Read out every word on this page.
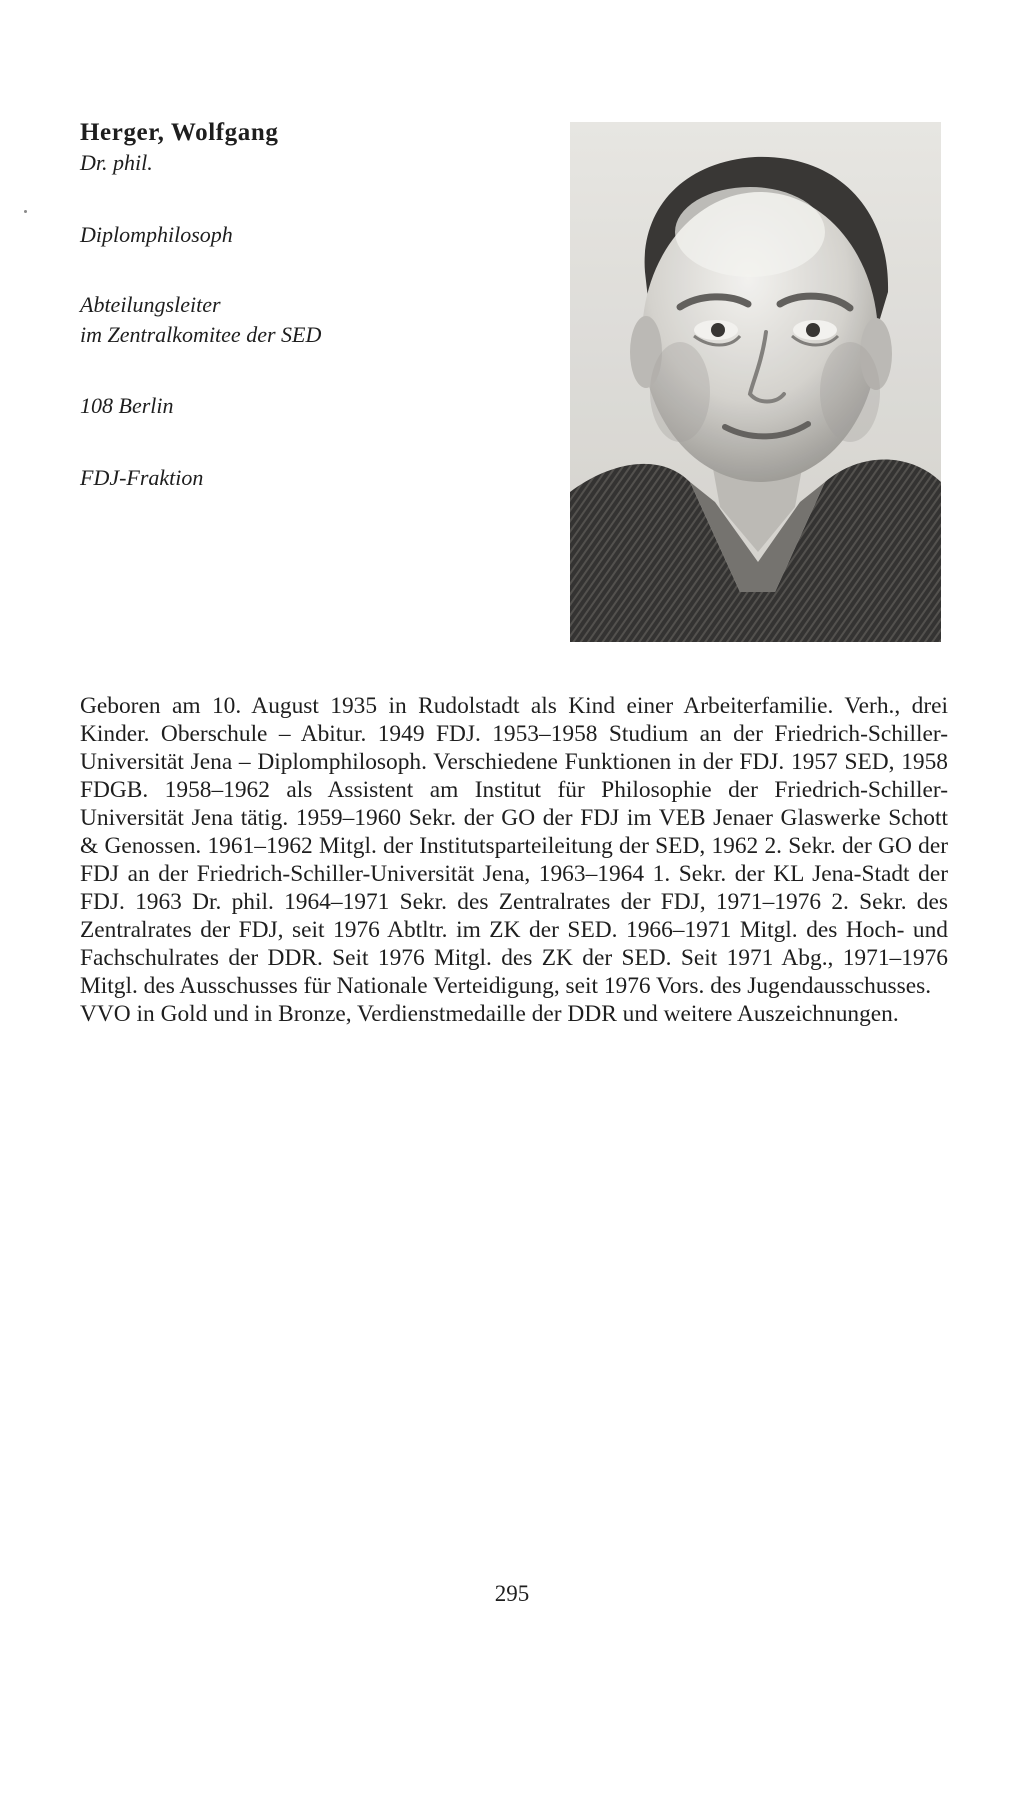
Herger, Wolfgang

Dr. phil.

Diplomphilosoph

Abteilungsleiter

im Zentralkomitee der SED

108 Berlin

FDJ-Fraktion

Geboren am 10. August 1935 in Rudolstadt als Kind einer Arbeiterfamilie. Verh., drei Kinder. Oberschule – Abitur. 1949 FDJ. 1953–1958 Studium an der Friedrich-Schiller-Universität Jena – Diplomphilosoph. Verschiedene Funktionen in der FDJ. 1957 SED, 1958 FDGB. 1958–1962 als Assistent am Institut für Philosophie der Friedrich-Schiller-Universität Jena tätig. 1959–1960 Sekr. der GO der FDJ im VEB Jenaer Glaswerke Schott & Genossen. 1961–1962 Mitgl. der Institutsparteileitung der SED, 1962 2. Sekr. der GO der FDJ an der Friedrich-Schiller-Universität Jena, 1963–1964 1. Sekr. der KL Jena-Stadt der FDJ. 1963 Dr. phil. 1964–1971 Sekr. des Zentralrates der FDJ, 1971–1976 2. Sekr. des Zentralrates der FDJ, seit 1976 Abtltr. im ZK der SED. 1966–1971 Mitgl. des Hoch- und Fachschulrates der DDR. Seit 1976 Mitgl. des ZK der SED. Seit 1971 Abg., 1971–1976 Mitgl. des Ausschusses für Nationale Verteidigung, seit 1976 Vors. des Jugendausschusses.

VVO in Gold und in Bronze, Verdienstmedaille der DDR und weitere Auszeichnungen.

295
